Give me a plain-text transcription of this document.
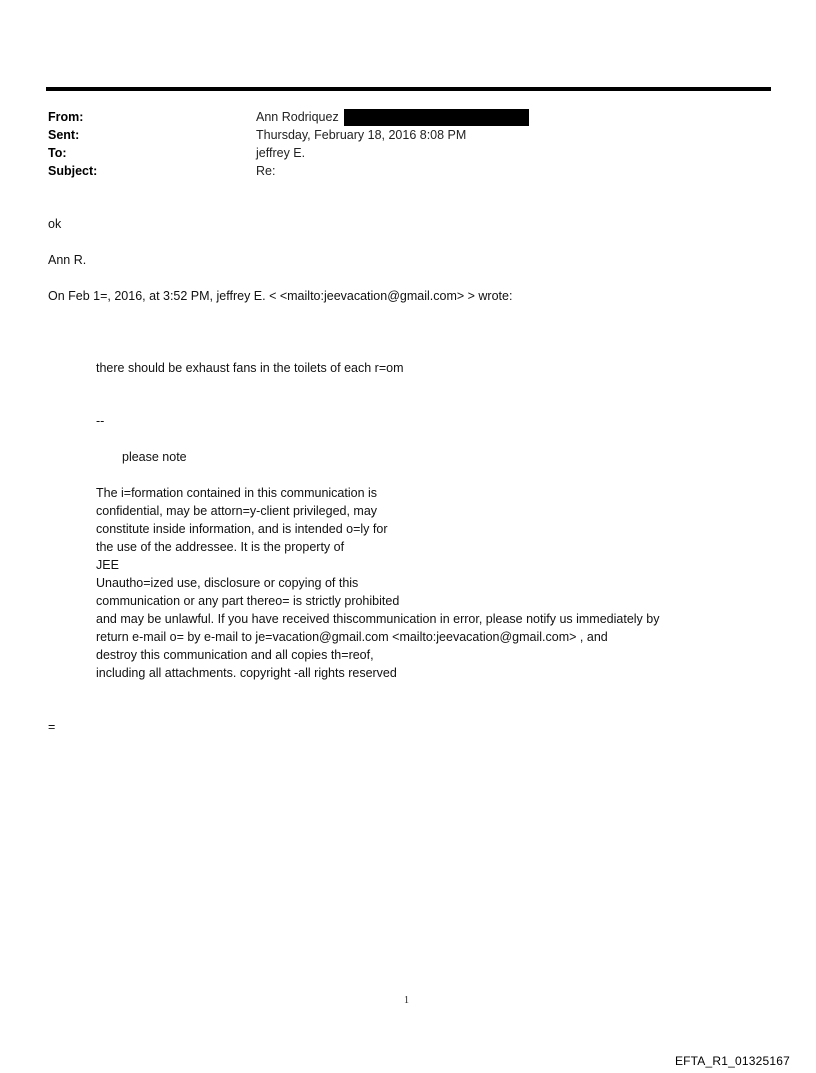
From:	Ann Rodriquez
Sent:	Thursday, February 18, 2016 8:08 PM
To:	jeffrey E.
Subject:	Re:
ok
Ann R.
On Feb 1=, 2016, at 3:52 PM, jeffrey E. < <mailto:jeevacation@gmail.com> > wrote:
there should be exhaust fans in the toilets of each r=om
--
please note
The i=formation contained in this communication is
confidential, may be attorn=y-client privileged, may
constitute inside information, and is intended o=ly for
the use of the addressee. It is the property of
JEE
Unautho=ized use, disclosure or copying of this
communication or any part thereo= is strictly prohibited
and may be unlawful. If you have received thiscommunication in error, please notify us immediately by
return e-mail o= by e-mail to je=vacation@gmail.com <mailto:jeevacation@gmail.com> , and
destroy this communication and all copies th=reof,
including all attachments. copyright -all rights reserved
=
1
EFTA_R1_01325167
